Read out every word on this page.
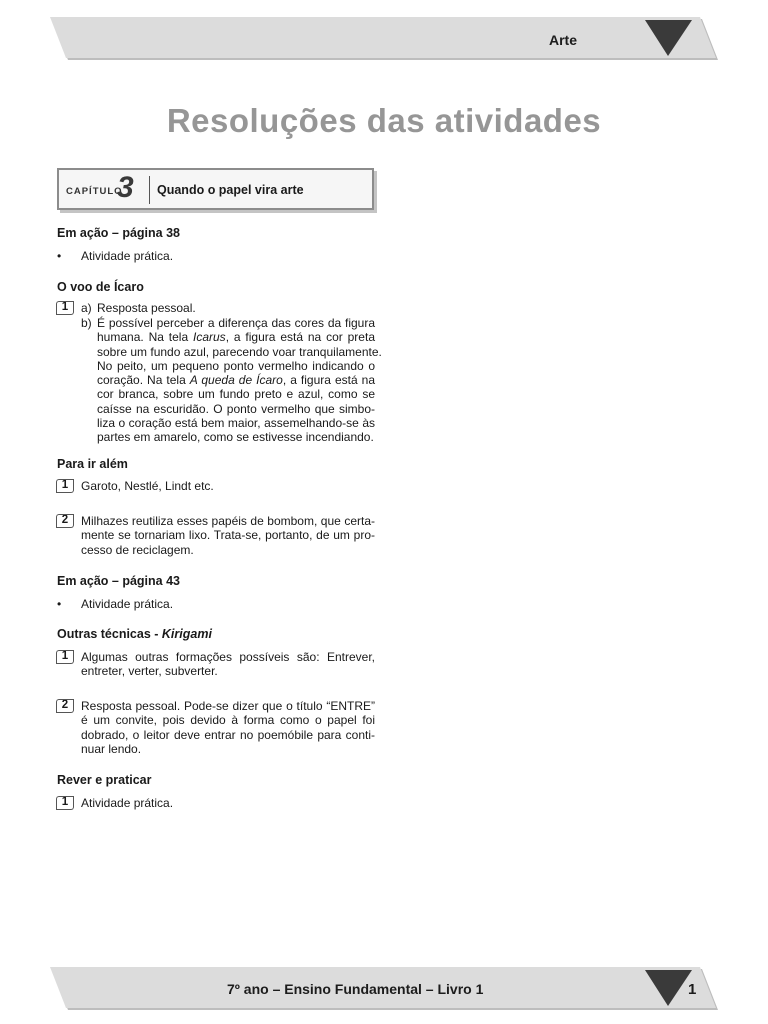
Arte
Resoluções das atividades
CAPÍTULO
3 Quando o papel vira arte
Em ação – página 38
• Atividade prática.
O voo de Ícaro
1	a) Resposta pessoal.
b) É possível perceber a diferença das cores da figura
humana. Na tela Icarus, a figura está na cor preta
sobre um fundo azul, parecendo voar tranquilamente.
No peito, um pequeno ponto vermelho indicando o
coração. Na tela A queda de Ícaro, a figura está na
cor branca, sobre um fundo preto e azul, como se
caísse na escuridão. O ponto vermelho que simbo-
liza o coração está bem maior, assemelhando-se às
partes em amarelo, como se estivesse incendiando.
Para ir além
1	Garoto, Nestlé, Lindt etc.
2	Milhazes reutiliza esses papéis de bombom, que certa-
mente se tornariam lixo. Trata-se, portanto, de um pro-
cesso de reciclagem.
Em ação – página 43
• Atividade prática.
Outras técnicas - Kirigami
1	Algumas outras formações possíveis são: Entrever,
entreter, verter, subverter.
2	Resposta pessoal. Pode-se dizer que o título “ENTRE”
é um convite, pois devido à forma como o papel foi
dobrado, o leitor deve entrar no poemóbile para conti-
nuar lendo.
Rever e praticar
1	Atividade prática.
7º ano – Ensino Fundamental – Livro 1	1
